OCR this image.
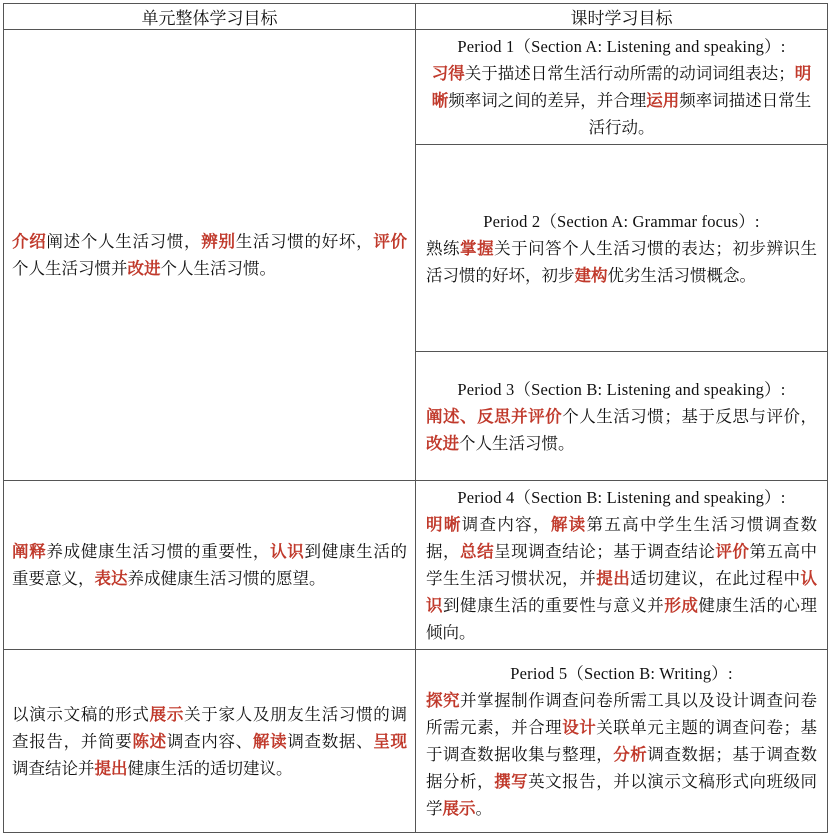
单元整体学习目标	课时学习目标

介绍阐述个人生活习惯，辨别生活习惯的好坏，评价个人生活习惯并改进个人生活习惯。	Period 1（Section A: Listening and speaking）:
习得关于描述日常生活行动所需的动词词组表达；明晰频率词之间的差异，并合理运用频率词描述日常生活行动。

	Period 2（Section A: Grammar focus）:
熟练掌握关于问答个人生活习惯的表达；初步辨识生活习惯的好坏，初步建构优劣生活习惯概念。

	Period 3（Section B: Listening and speaking）:
阐述、反思并评价个人生活习惯；基于反思与评价，改进个人生活习惯。

阐释养成健康生活习惯的重要性，认识到健康生活的重要意义，表达养成健康生活习惯的愿望。	Period 4（Section B: Listening and speaking）:
明晰调查内容，解读第五高中学生生活习惯调查数据，总结呈现调查结论；基于调查结论评价第五高中学生生活习惯状况，并提出适切建议，在此过程中认识到健康生活的重要性与意义并形成健康生活的心理倾向。

以演示文稿的形式展示关于家人及朋友生活习惯的调查报告，并简要陈述调查内容、解读调查数据、呈现调查结论并提出健康生活的适切建议。	Period 5（Section B: Writing）:
探究并掌握制作调查问卷所需工具以及设计调查问卷所需元素，并合理设计关联单元主题的调查问卷；基于调查数据收集与整理，分析调查数据；基于调查数据分析，撰写英文报告，并以演示文稿形式向班级同学展示。
